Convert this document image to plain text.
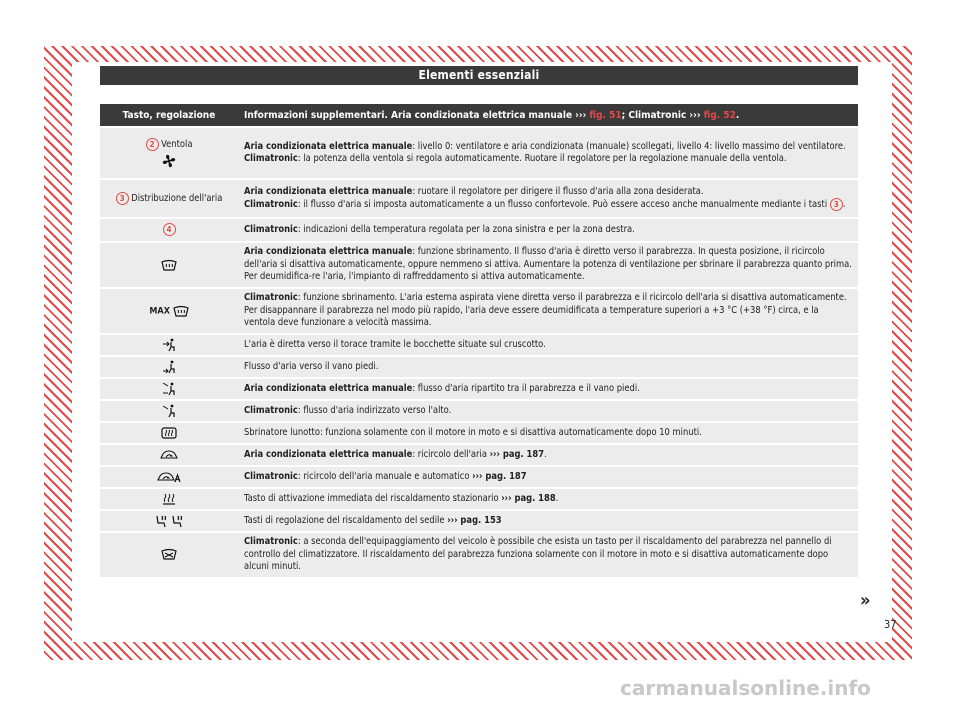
Elementi essenziali
Tasto, regolazione	Informazioni supplementari. Aria condizionata elettrica manuale ››› fig. 51; Climatronic ››› fig. 52.
2 Ventola	Aria condizionata elettrica manuale: livello 0: ventilatore e aria condizionata (manuale) scollegati, livello 4: livello massimo del ventilatore.
Climatronic: la potenza della ventola si regola automaticamente. Ruotare il regolatore per la regolazione manuale della ventola.
3 Distribuzione dell'aria	Aria condizionata elettrica manuale: ruotare il regolatore per dirigere il flusso d'aria alla zona desiderata.
Climatronic: il flusso d'aria si imposta automaticamente a un flusso confortevole. Può essere acceso anche manualmente mediante i tasti 3 .
4	Climatronic: indicazioni della temperatura regolata per la zona sinistra e per la zona destra.
	Aria condizionata elettrica manuale: funzione sbrinamento. Il flusso d'aria è diretto verso il parabrezza. In questa posizione, il ricircolo dell'aria si disattiva automaticamente, oppure nemmeno si attiva. Aumentare la potenza di ventilazione per sbrinare il parabrezza quanto prima. Per deumidifica-re l'aria, l'impianto di raffreddamento si attiva automaticamente.
MAX	Climatronic: funzione sbrinamento. L'aria esterna aspirata viene diretta verso il parabrezza e il ricircolo dell'aria si disattiva automaticamente. Per disappannare il parabrezza nel modo più rapido, l'aria deve essere deumidificata a temperature superiori a +3 °C (+38 °F) circa, e la ventola deve funzionare a velocità massima.
	L'aria è diretta verso il torace tramite le bocchette situate sul cruscotto.
	Flusso d'aria verso il vano piedi.
	Aria condizionata elettrica manuale: flusso d'aria ripartito tra il parabrezza e il vano piedi.
	Climatronic: flusso d'aria indirizzato verso l'alto.
	Sbrinatore lunotto: funziona solamente con il motore in moto e si disattiva automaticamente dopo 10 minuti.
	Aria condizionata elettrica manuale: ricircolo dell'aria ››› pag. 187.
	Climatronic: ricircolo dell'aria manuale e automatico ››› pag. 187
	Tasto di attivazione immediata del riscaldamento stazionario ››› pag. 188.
	Tasti di regolazione del riscaldamento del sedile ››› pag. 153
	Climatronic: a seconda dell'equipaggiamento del veicolo è possibile che esista un tasto per il riscaldamento del parabrezza nel pannello di controllo del climatizzatore. Il riscaldamento del parabrezza funziona solamente con il motore in moto e si disattiva automaticamente dopo alcuni minuti.
»
37
carmanualsonline.info
